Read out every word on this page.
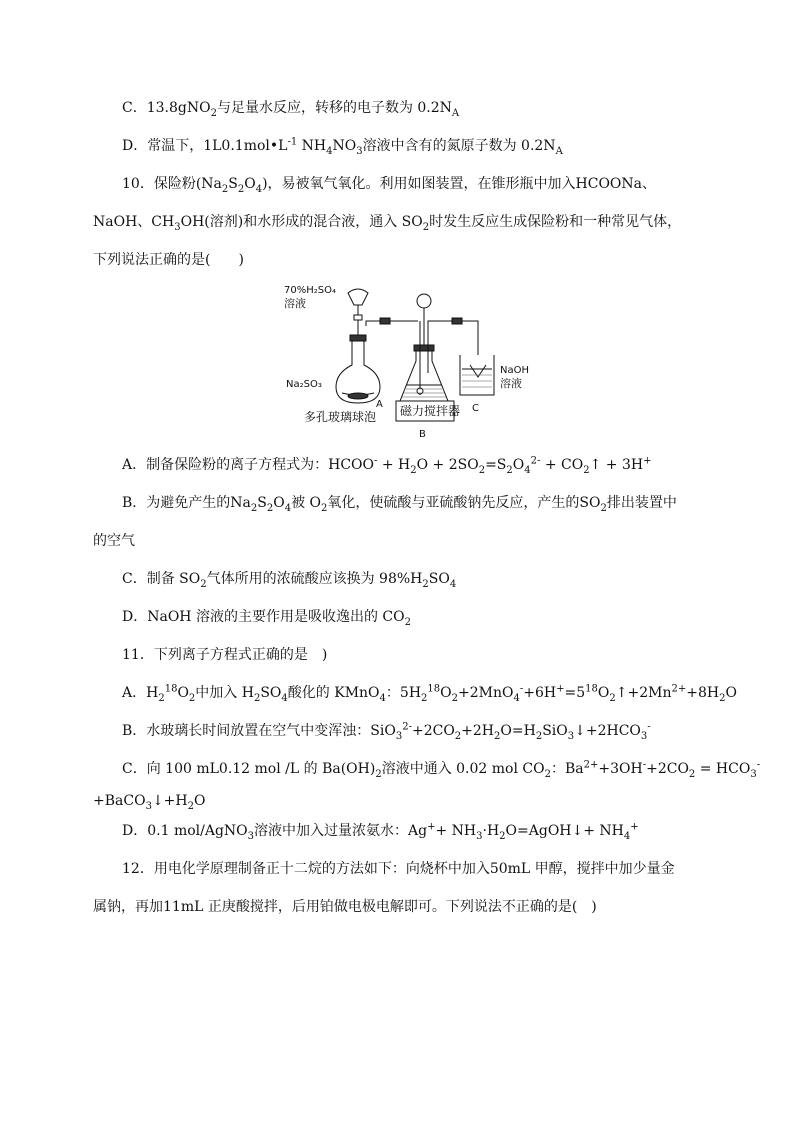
C．13.8gNO$_2$与足量水反应，转移的电子数为 $0.2N_A$
D．常温下，$1L0.1mol•L^{-1}$ $NH_4NO_3$溶液中含有的氮原子数为 $0.2N_A$
10．保险粉$(Na_2S_2O_4)$，易被氧气氧化。利用如图装置，在锥形瓶中加入HCOONa、
NaOH、$CH_3OH$(溶剂)和水形成的混合液，通入 $SO_2$时发生反应生成保险粉和一种常见气体，
下列说法正确的是(　　)
70%H₂SO₄
溶液
Na₂SO₃
A
多孔玻璃球泡 磁力搅拌器
B
NaOH
溶液
C
A．制备保险粉的离子方程式为：HCOO- + $H_2O + 2SO_2=S_2O_4^{2-}$ + $CO_2↑ + 3H^+$
B．为避免产生的$Na_2S_2O_4$被 $O_2$氧化，使硫酸与亚硫酸钠先反应，产生的$SO_2$排出装置中
的空气
C．制备 $SO_2$气体所用的浓硫酸应该换为 $98\%H_2SO_4$
D．NaOH 溶液的主要作用是吸收逸出的 $CO_2$
11．下列离子方程式正确的是　)
A．$H_2^{18}O_2$中加入 $H_2SO_4$酸化的 KMnO$_4$：$5H_2^{18}O_2+2MnO_4^-+6H^+=5^{18}O_2↑+2Mn^{2+}+8H_2O$
B．水玻璃长时间放置在空气中变浑浊：$SiO_3^{2-}+2CO_2+2H_2O=H_2SiO_3↓+2HCO_3^-$
C．向 100 mL0.12 mol /L 的 $Ba(OH)_2$溶液中通入 0.02 mol $CO_2$：$Ba^{2+}+3OH^-+2CO_2 = HCO_3^-$
$+BaCO_3↓+H_2O$
D．0.1 mol/AgNO$_3$溶液中加入过量浓氨水：$Ag^++ NH_3\cdot H_2O=AgOH↓+ NH_4^+$
12．用电化学原理制备正十二烷的方法如下：向烧杯中加入50mL 甲醇，搅拌中加少量金
属钠，再加11mL 正庚酸搅拌，后用铂做电极电解即可。下列说法不正确的是(　)
